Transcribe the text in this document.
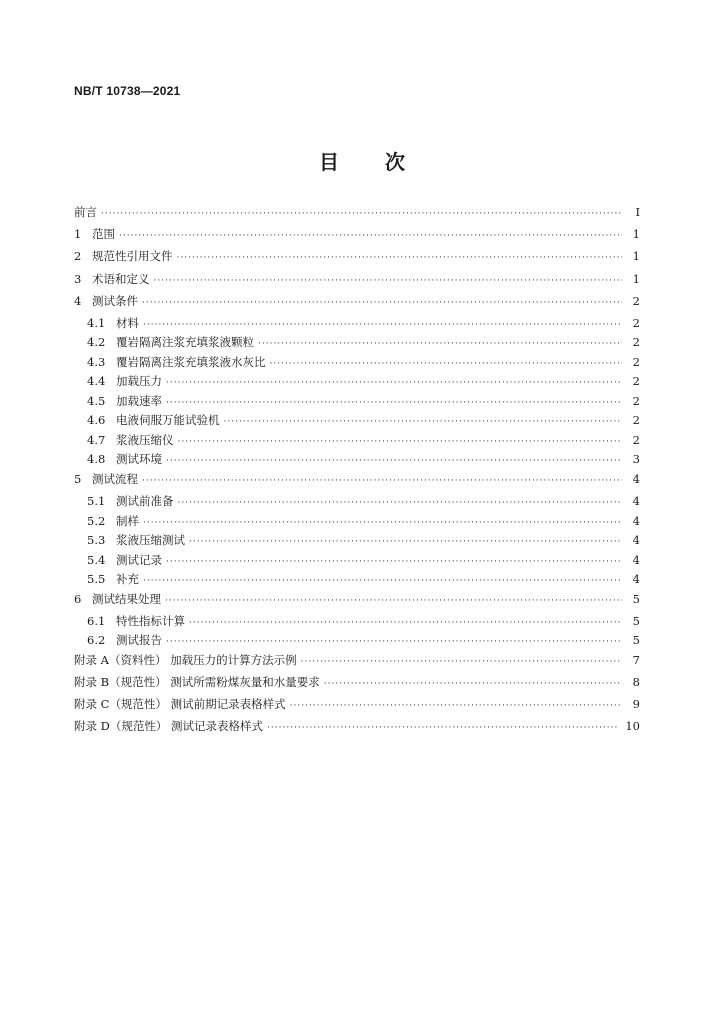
NB/T 10738—2021
目 次
前言 ·····	Ⅰ
1 范围 ·····	1
2 规范性引用文件 ·····	1
3 术语和定义 ·····	1
4 测试条件 ·····	2
4.1 材料 ·····	2
4.2 覆岩隔离注浆充填浆液颗粒 ·····	2
4.3 覆岩隔离注浆充填浆液水灰比 ·····	2
4.4 加载压力 ·····	2
4.5 加载速率 ·····	2
4.6 电液伺服万能试验机 ·····	2
4.7 浆液压缩仪 ·····	2
4.8 测试环境 ·····	3
5 测试流程 ·····	4
5.1 测试前准备 ·····	4
5.2 制样 ·····	4
5.3 浆液压缩测试 ·····	4
5.4 测试记录 ·····	4
5.5 补充 ·····	4
6 测试结果处理 ·····	5
6.1 特性指标计算 ·····	5
6.2 测试报告 ·····	5
附录 A（资料性） 加载压力的计算方法示例 ·····	7
附录 B（规范性） 测试所需粉煤灰量和水量要求 ·····	8
附录 C（规范性） 测试前期记录表格样式 ·····	9
附录 D（规范性） 测试记录表格样式 ·····	10
